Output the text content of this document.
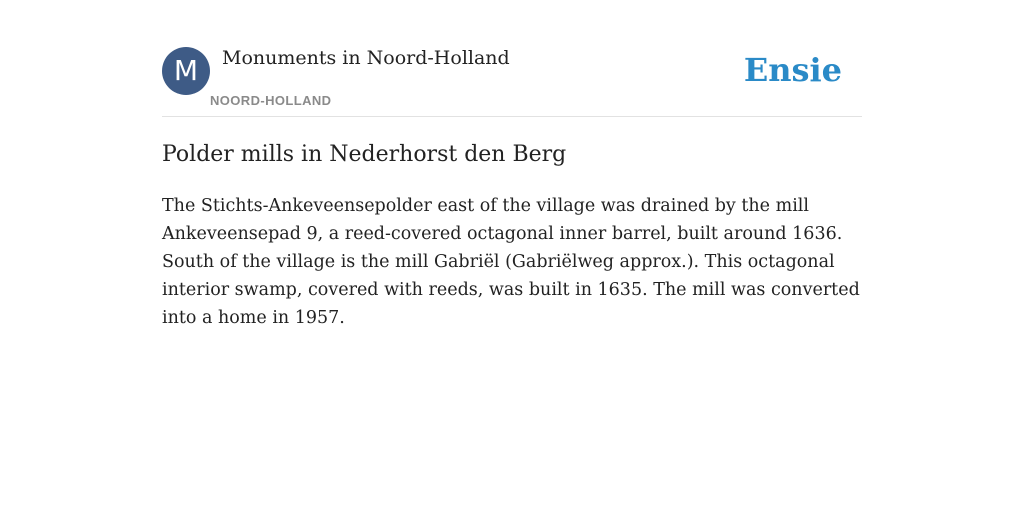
M	Monuments in Noord-Holland
NOORD-HOLLAND
Ensie
Polder mills in Nederhorst den Berg

The Stichts-Ankeveensepolder east of the village was drained by the mill Ankeveensepad 9, a reed-covered octagonal inner barrel, built around 1636. South of the village is the mill Gabriël (Gabriëlweg approx.). This octagonal interior swamp, covered with reeds, was built in 1635. The mill was converted into a home in 1957.
